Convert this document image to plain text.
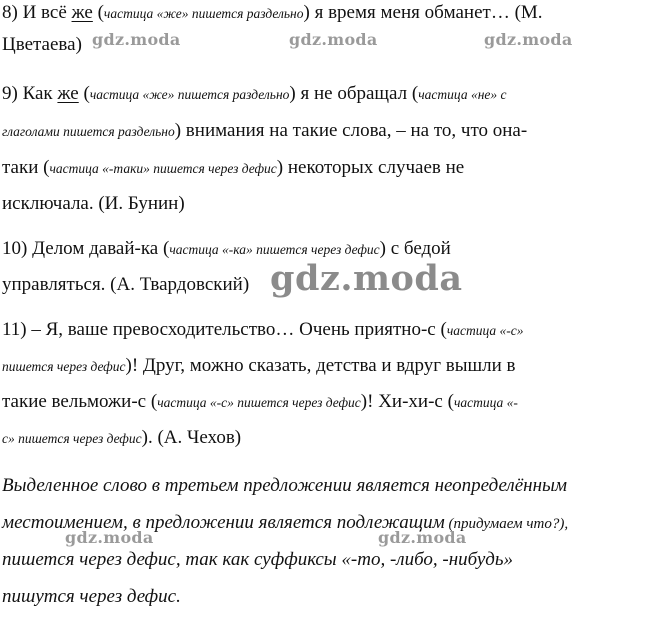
8) И всё же (частица «же» пишется раздельно) я время меня обманет… (М.
Цветаева)
9) Как же (частица «же» пишется раздельно) я не обращал (частица «не» с
глаголами пишется раздельно) внимания на такие слова, – на то, что она-
таки (частица «-таки» пишется через дефис) некоторых случаев не
исключала. (И. Бунин)
10) Делом давай-ка (частица «-ка» пишется через дефис) с бедой
управляться. (А. Твардовский)
11) – Я, ваше превосходительство… Очень приятно-с (частица «-с»
пишется через дефис)! Друг, можно сказать, детства и вдруг вышли в
такие вельможи-с (частица «-с» пишется через дефис)! Хи-хи-с (частица «-
с» пишется через дефис). (А. Чехов)
Выделенное слово в третьем предложении является неопределённым
местоимением, в предложении является подлежащим (придумаем что?),
пишется через дефис, так как суффиксы «-то, -либо, -нибудь»
пишутся через дефис.
gdz.moda	gdz.moda	gdz.moda
gdz.moda
gdz.moda	gdz.moda
